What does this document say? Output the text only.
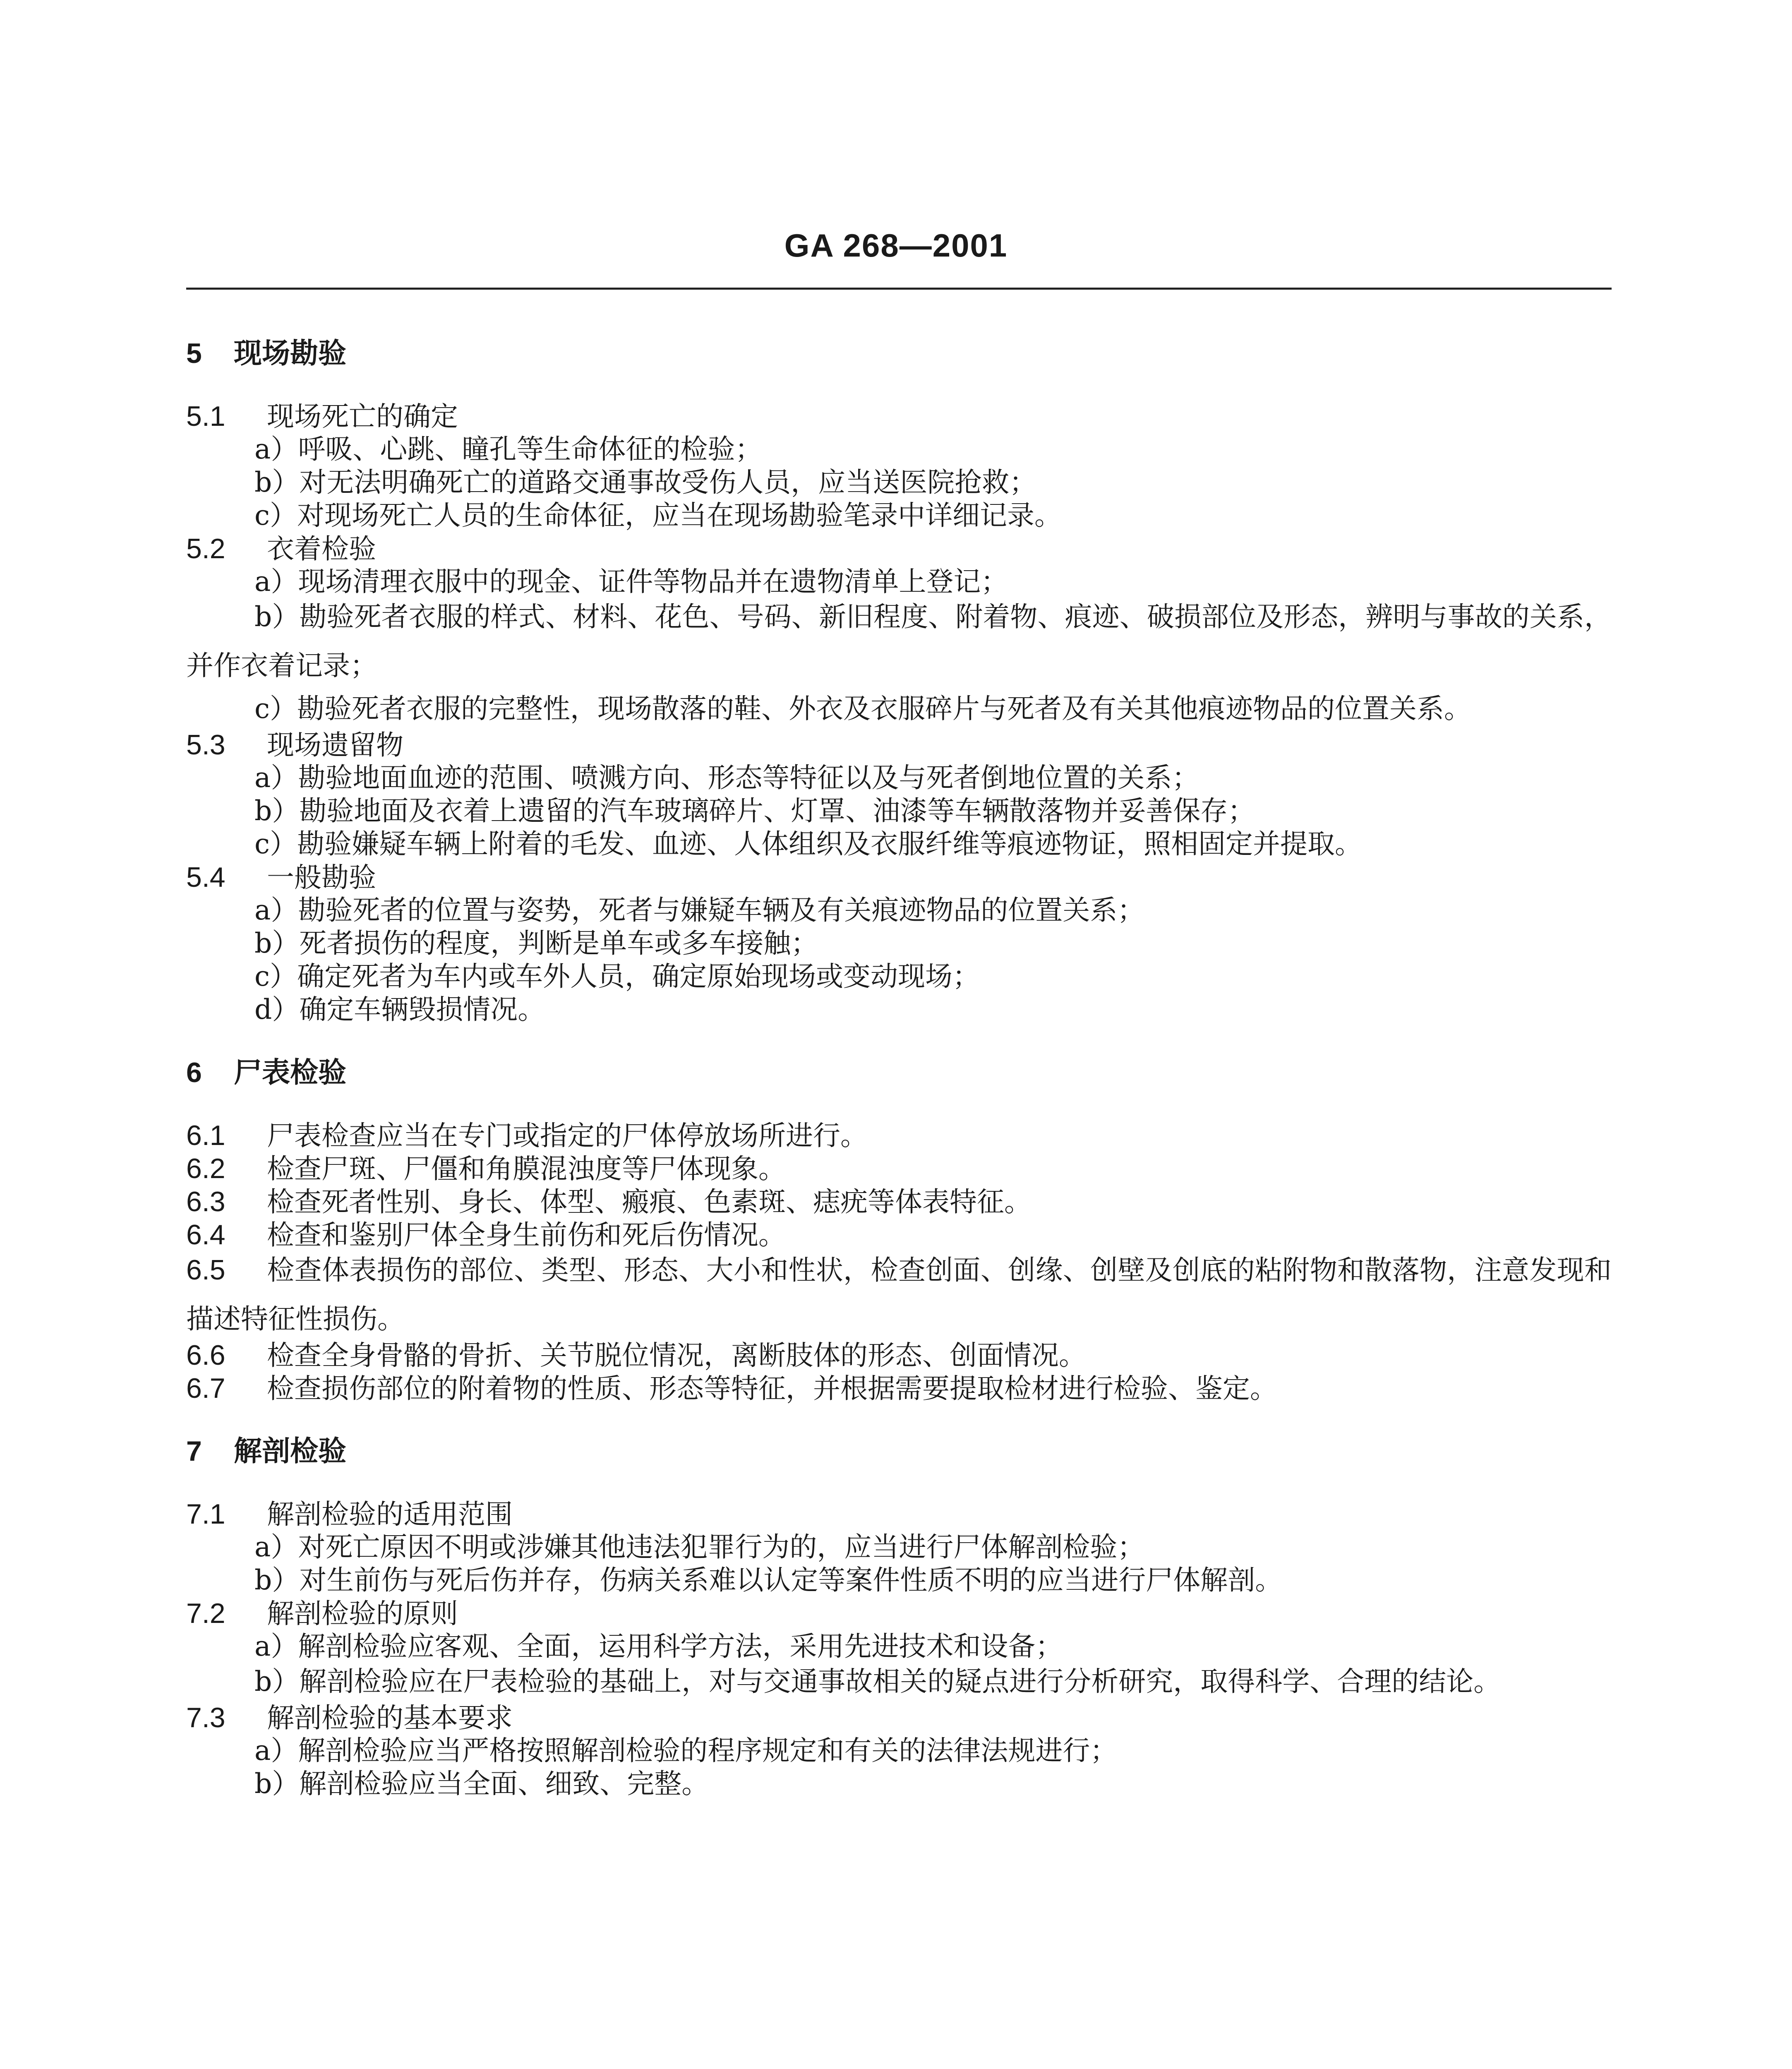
GA 268—2001
5 现场勘验
5.1 现场死亡的确定
a）呼吸、心跳、瞳孔等生命体征的检验；
b）对无法明确死亡的道路交通事故受伤人员，应当送医院抢救；
c）对现场死亡人员的生命体征，应当在现场勘验笔录中详细记录。
5.2 衣着检验
a）现场清理衣服中的现金、证件等物品并在遗物清单上登记；
b）勘验死者衣服的样式、材料、花色、号码、新旧程度、附着物、痕迹、破损部位及形态，辨明与事故的关系，并作衣着记录；
c）勘验死者衣服的完整性，现场散落的鞋、外衣及衣服碎片与死者及有关其他痕迹物品的位置关系。
5.3 现场遗留物
a）勘验地面血迹的范围、喷溅方向、形态等特征以及与死者倒地位置的关系；
b）勘验地面及衣着上遗留的汽车玻璃碎片、灯罩、油漆等车辆散落物并妥善保存；
c）勘验嫌疑车辆上附着的毛发、血迹、人体组织及衣服纤维等痕迹物证，照相固定并提取。
5.4 一般勘验
a）勘验死者的位置与姿势，死者与嫌疑车辆及有关痕迹物品的位置关系；
b）死者损伤的程度，判断是单车或多车接触；
c）确定死者为车内或车外人员，确定原始现场或变动现场；
d）确定车辆毁损情况。
6 尸表检验
6.1 尸表检查应当在专门或指定的尸体停放场所进行。
6.2 检查尸斑、尸僵和角膜混浊度等尸体现象。
6.3 检查死者性别、身长、体型、瘢痕、色素斑、痣疣等体表特征。
6.4 检查和鉴别尸体全身生前伤和死后伤情况。
6.5 检查体表损伤的部位、类型、形态、大小和性状，检查创面、创缘、创壁及创底的粘附物和散落物，注意发现和描述特征性损伤。
6.6 检查全身骨骼的骨折、关节脱位情况，离断肢体的形态、创面情况。
6.7 检查损伤部位的附着物的性质、形态等特征，并根据需要提取检材进行检验、鉴定。
7 解剖检验
7.1 解剖检验的适用范围
a）对死亡原因不明或涉嫌其他违法犯罪行为的，应当进行尸体解剖检验；
b）对生前伤与死后伤并存，伤病关系难以认定等案件性质不明的应当进行尸体解剖。
7.2 解剖检验的原则
a）解剖检验应客观、全面，运用科学方法，采用先进技术和设备；
b）解剖检验应在尸表检验的基础上，对与交通事故相关的疑点进行分析研究，取得科学、合理的结论。
7.3 解剖检验的基本要求
a）解剖检验应当严格按照解剖检验的程序规定和有关的法律法规进行；
b）解剖检验应当全面、细致、完整。
